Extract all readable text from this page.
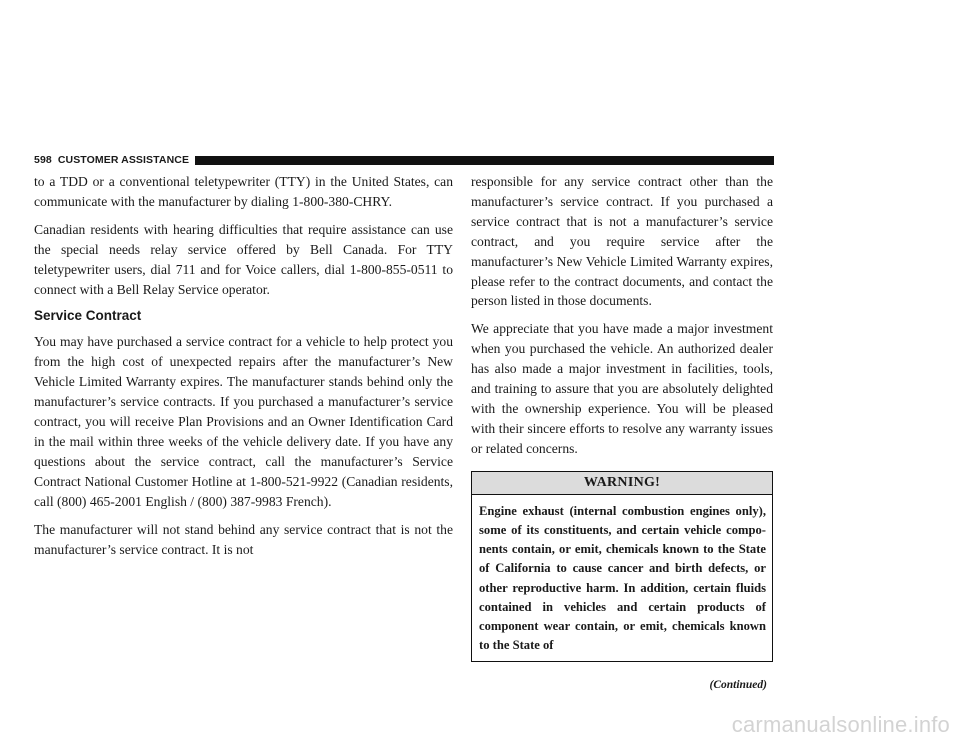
598 CUSTOMER ASSISTANCE

to a TDD or a conventional teletypewriter (TTY) in the United States, can communicate with the manufacturer by dialing 1-800-380-CHRY.

Canadian residents with hearing difficulties that require assistance can use the special needs relay service offered by Bell Canada. For TTY teletypewriter users, dial 711 and for Voice callers, dial 1-800-855-0511 to connect with a Bell Relay Service operator.

Service Contract

You may have purchased a service contract for a vehicle to help protect you from the high cost of unexpected repairs after the manufacturer’s New Vehicle Limited Warranty expires. The manufacturer stands behind only the manufacturer’s service contracts. If you purchased a manufacturer’s service contract, you will receive Plan Provisions and an Owner Identification Card in the mail within three weeks of the vehicle delivery date. If you have any questions about the service contract, call the manufacturer’s Service Contract National Customer Hotline at 1-800-521-9922 (Canadian residents, call (800) 465-2001 English / (800) 387-9983 French).

The manufacturer will not stand behind any service contract that is not the manufacturer’s service contract. It is not

responsible for any service contract other than the manufacturer’s service contract. If you purchased a service contract that is not a manufacturer’s service contract, and you require service after the manufacturer’s New Vehicle Limited Warranty expires, please refer to the contract documents, and contact the person listed in those documents.

We appreciate that you have made a major investment when you purchased the vehicle. An authorized dealer has also made a major investment in facilities, tools, and training to assure that you are absolutely delighted with the ownership experience. You will be pleased with their sincere efforts to resolve any warranty issues or related concerns.

WARNING!
Engine exhaust (internal combustion engines only), some of its constituents, and certain vehicle components contain, or emit, chemicals known to the State of California to cause cancer and birth defects, or other reproductive harm. In addition, certain fluids contained in vehicles and certain products of component wear contain, or emit, chemicals known to the State of
(Continued)
carmanualsonline.info
